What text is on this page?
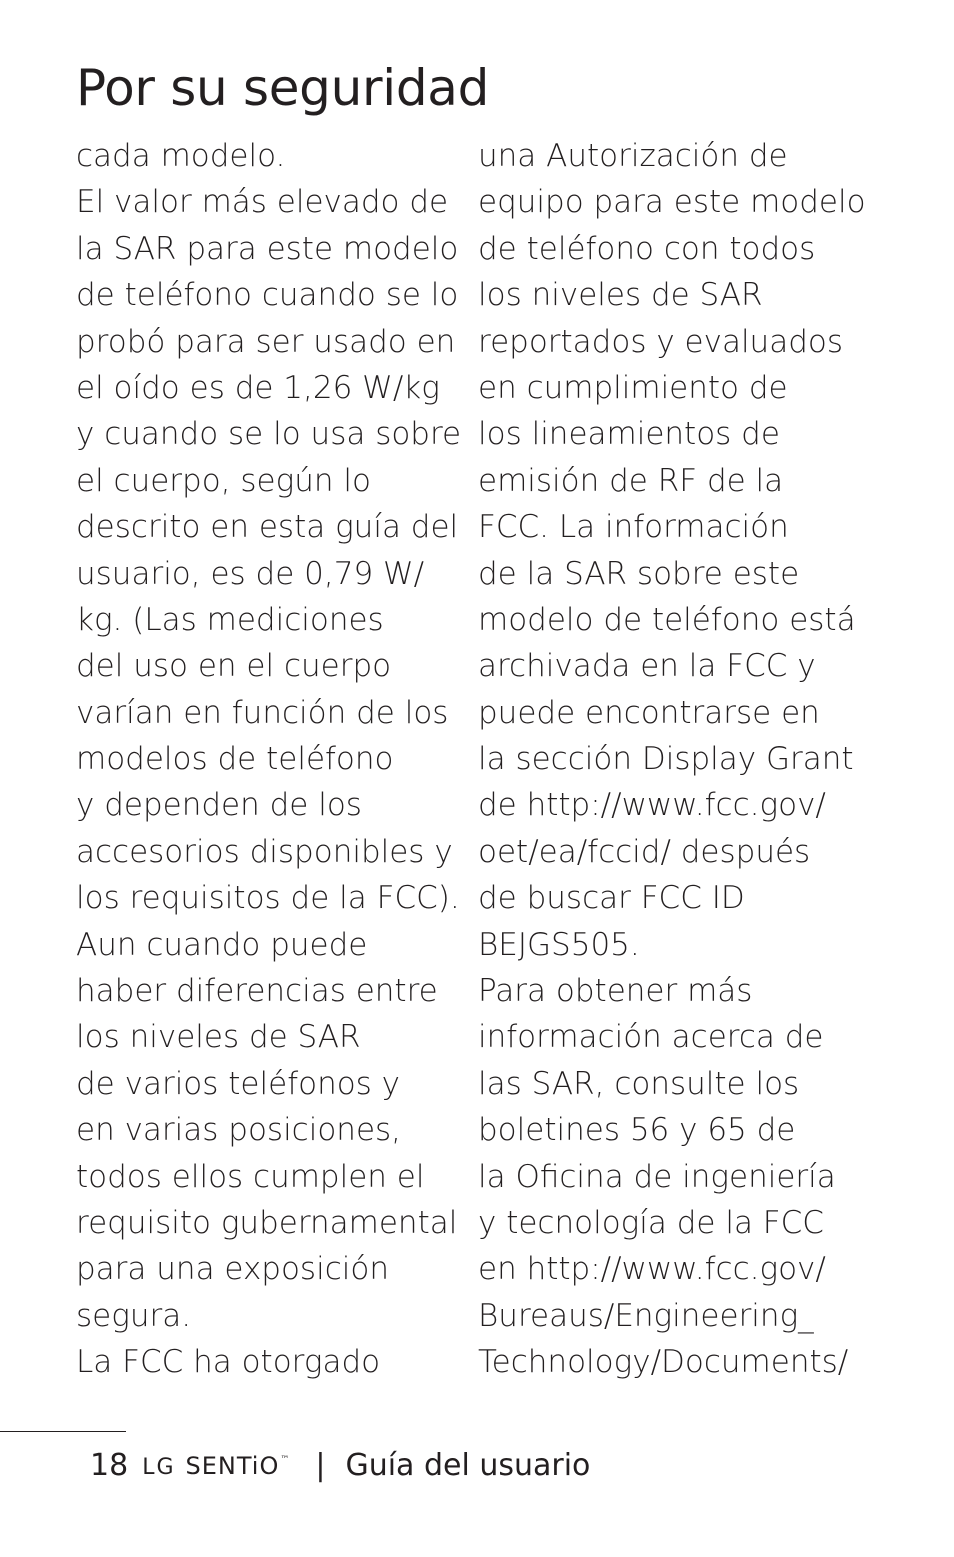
Por su seguridad
cada modelo.
El valor más elevado de
la SAR para este modelo
de teléfono cuando se lo
probó para ser usado en
el oído es de 1,26 W/kg
y cuando se lo usa sobre
el cuerpo, según lo
descrito en esta guía del
usuario, es de 0,79 W/
kg. (Las mediciones
del uso en el cuerpo
varían en función de los
modelos de teléfono
y dependen de los
accesorios disponibles y
los requisitos de la FCC).
Aun cuando puede
haber diferencias entre
los niveles de SAR
de varios teléfonos y
en varias posiciones,
todos ellos cumplen el
requisito gubernamental
para una exposición
segura.
La FCC ha otorgado
una Autorización de
equipo para este modelo
de teléfono con todos
los niveles de SAR
reportados y evaluados
en cumplimiento de
los lineamientos de
emisión de RF de la
FCC. La información
de la SAR sobre este
modelo de teléfono está
archivada en la FCC y
puede encontrarse en
la sección Display Grant
de http://www.fcc.gov/
oet/ea/fccid/ después
de buscar FCC ID
BEJGS505.
Para obtener más
información acerca de
las SAR, consulte los
boletines 56 y 65 de
la Oficina de ingeniería
y tecnología de la FCC
en http://www.fcc.gov/
Bureaus/Engineering_
Technology/Documents/
18 LG SENTiO ™ | Guía del usuario
